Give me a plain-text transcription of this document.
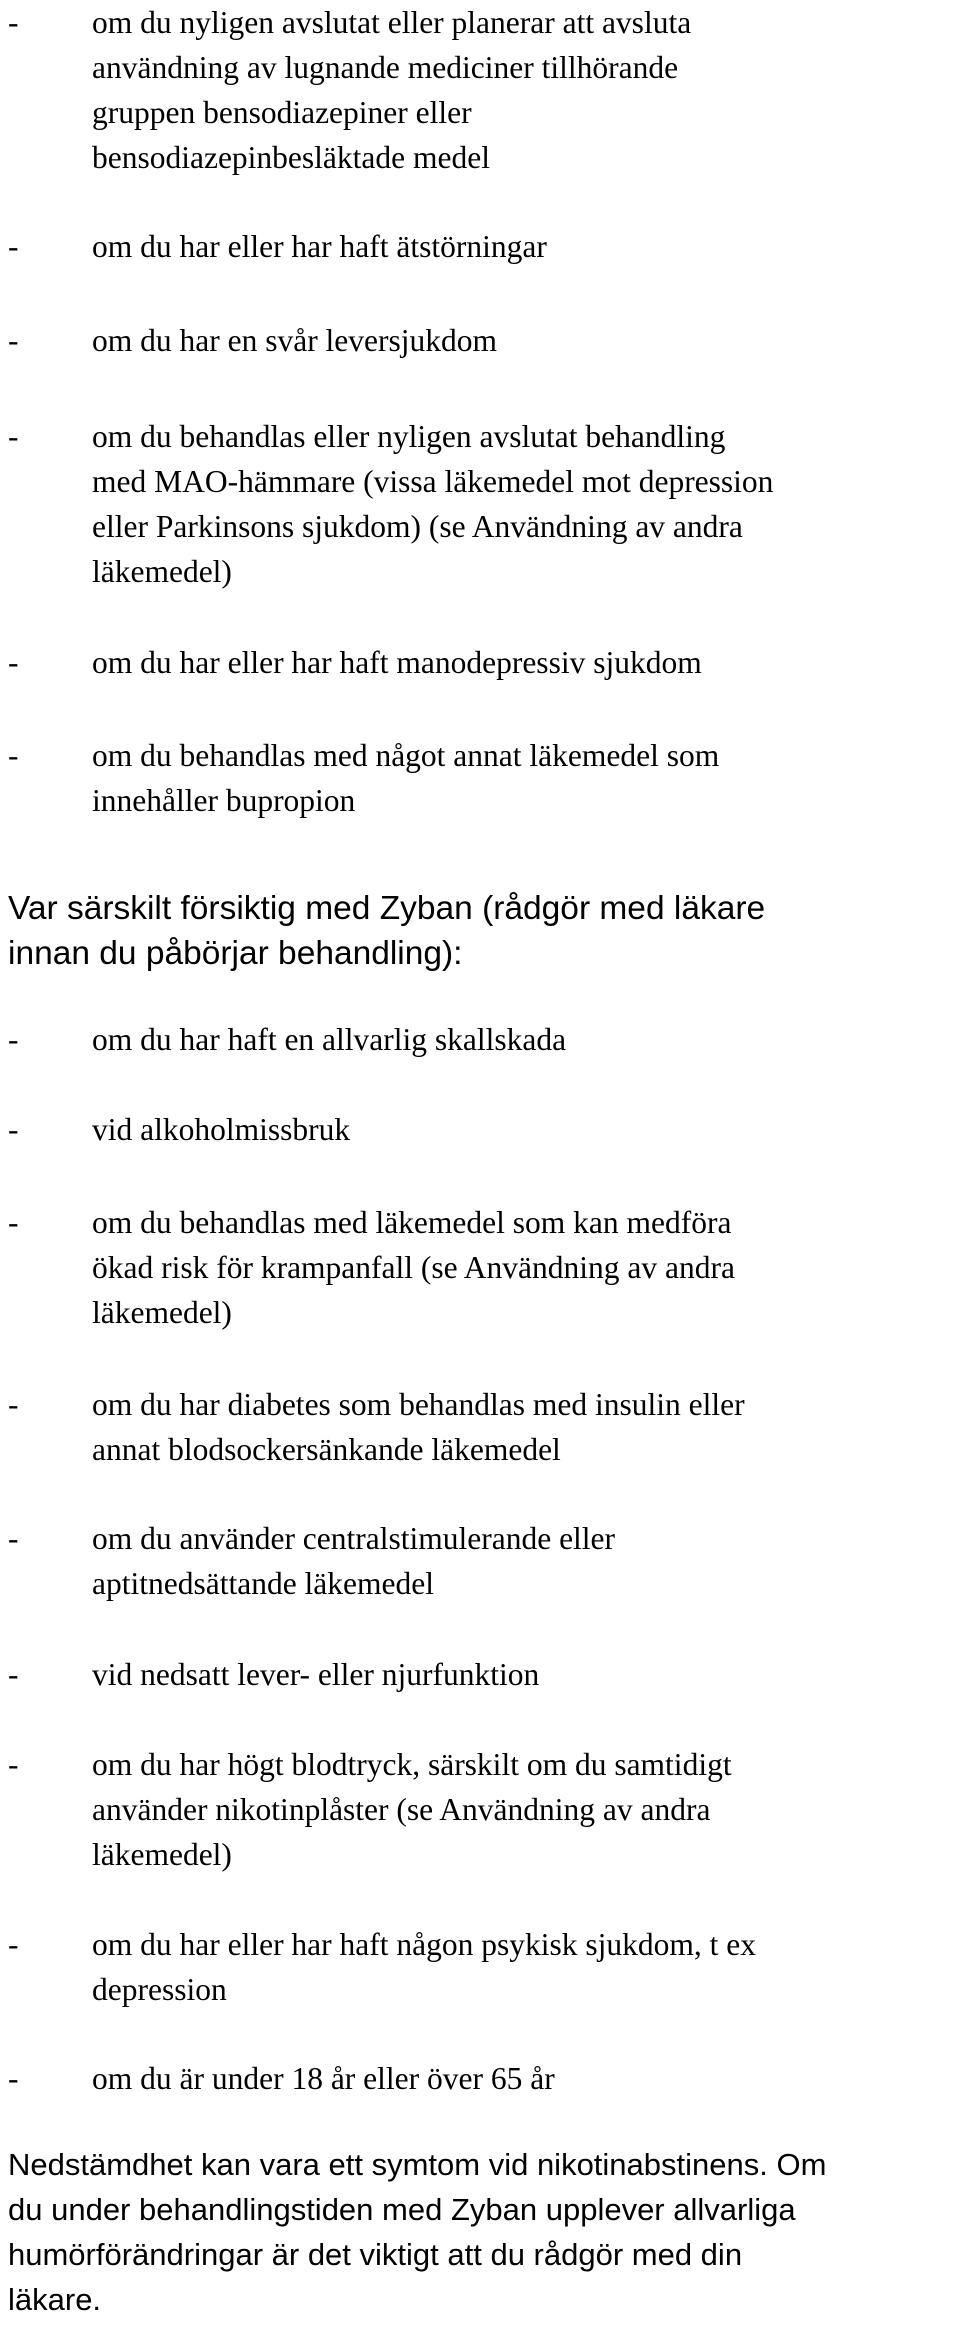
- om du nyligen avslutat eller planerar att avsluta
användning av lugnande mediciner tillhörande
gruppen bensodiazepiner eller
bensodiazepinbesläktade medel
- om du har eller har haft ätstörningar
- om du har en svår leversjukdom
- om du behandlas eller nyligen avslutat behandling
med MAO-hämmare (vissa läkemedel mot depression
eller Parkinsons sjukdom) (se Användning av andra
läkemedel)
- om du har eller har haft manodepressiv sjukdom
- om du behandlas med något annat läkemedel som
innehåller bupropion
Var särskilt försiktig med Zyban (rådgör med läkare
innan du påbörjar behandling):
- om du har haft en allvarlig skallskada
- vid alkoholmissbruk
- om du behandlas med läkemedel som kan medföra
ökad risk för krampanfall (se Användning av andra
läkemedel)
- om du har diabetes som behandlas med insulin eller
annat blodsockersänkande läkemedel
- om du använder centralstimulerande eller
aptitnedsättande läkemedel
- vid nedsatt lever- eller njurfunktion
- om du har högt blodtryck, särskilt om du samtidigt
använder nikotinplåster (se Användning av andra
läkemedel)
- om du har eller har haft någon psykisk sjukdom, t ex
depression
- om du är under 18 år eller över 65 år
Nedstämdhet kan vara ett symtom vid nikotinabstinens. Om
du under behandlingstiden med Zyban upplever allvarliga
humörförändringar är det viktigt att du rådgör med din
läkare.
